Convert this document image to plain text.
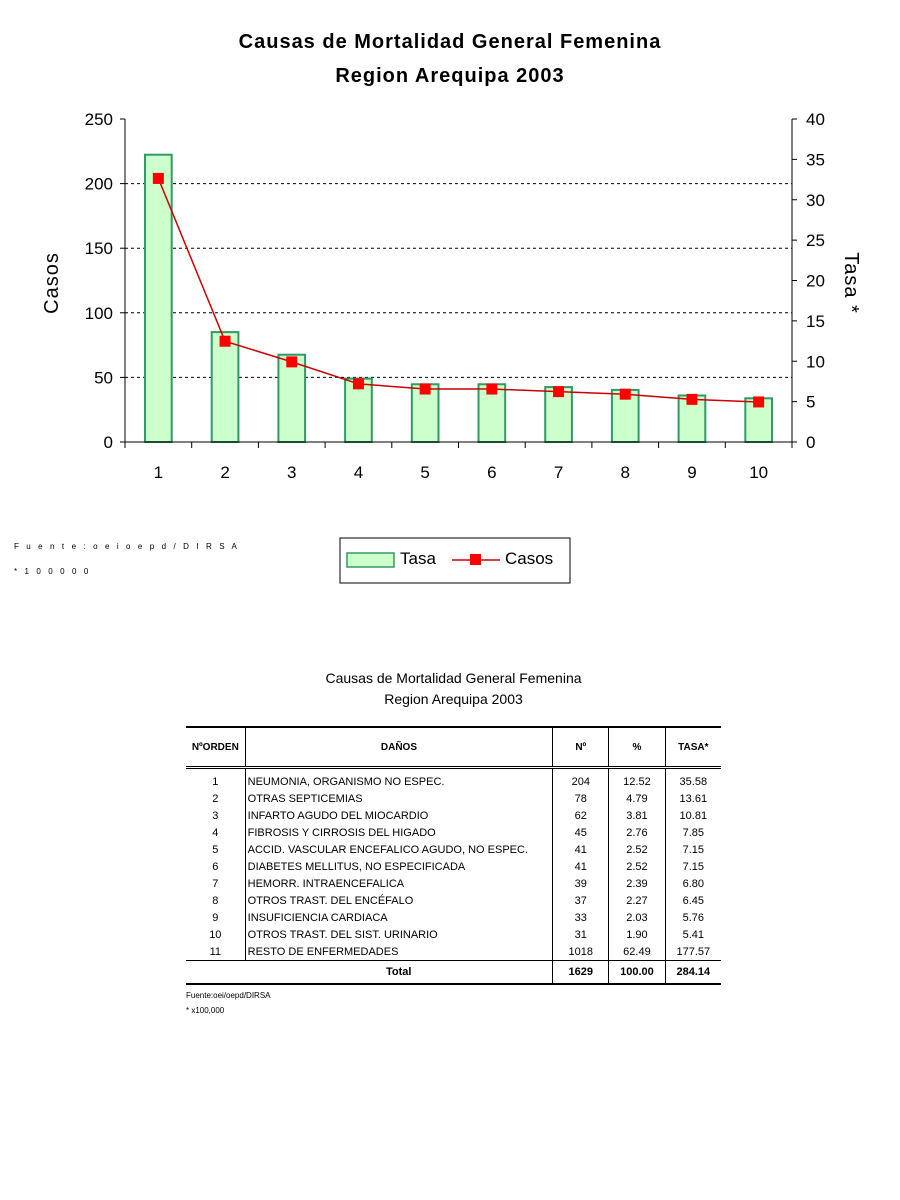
Causas de Mortalidad General Femenina
Region Arequipa 2003
0
50
100
150
200
250
0
5
10
15
20
25
30
35
40
1	2	3	4	5	6	7	8	9	10
Casos	Tasa *
Tasa	Casos
F u e n t e : o e i o e p d / D I R S A
* 1 0 0 0 0 0
Causas de Mortalidad General Femenina
Region Arequipa 2003
NºORDEN	DAÑOS	Nº	%	TASA*
1	NEUMONIA, ORGANISMO NO ESPEC.	204	12.52	35.58
2	OTRAS SEPTICEMIAS	78	4.79	13.61
3	INFARTO AGUDO DEL MIOCARDIO	62	3.81	10.81
4	FIBROSIS Y CIRROSIS DEL HIGADO	45	2.76	7.85
5	ACCID. VASCULAR ENCEFALICO AGUDO, NO ESPEC.	41	2.52	7.15
6	DIABETES MELLITUS, NO ESPECIFICADA	41	2.52	7.15
7	HEMORR. INTRAENCEFALICA	39	2.39	6.80
8	OTROS TRAST. DEL ENCÉFALO	37	2.27	6.45
9	INSUFICIENCIA CARDIACA	33	2.03	5.76
10	OTROS TRAST. DEL SIST. URINARIO	31	1.90	5.41
11	RESTO DE ENFERMEDADES	1018	62.49	177.57
	Total	1629	100.00	284.14
Fuente:oei/oepd/DIRSA
* x100,000
